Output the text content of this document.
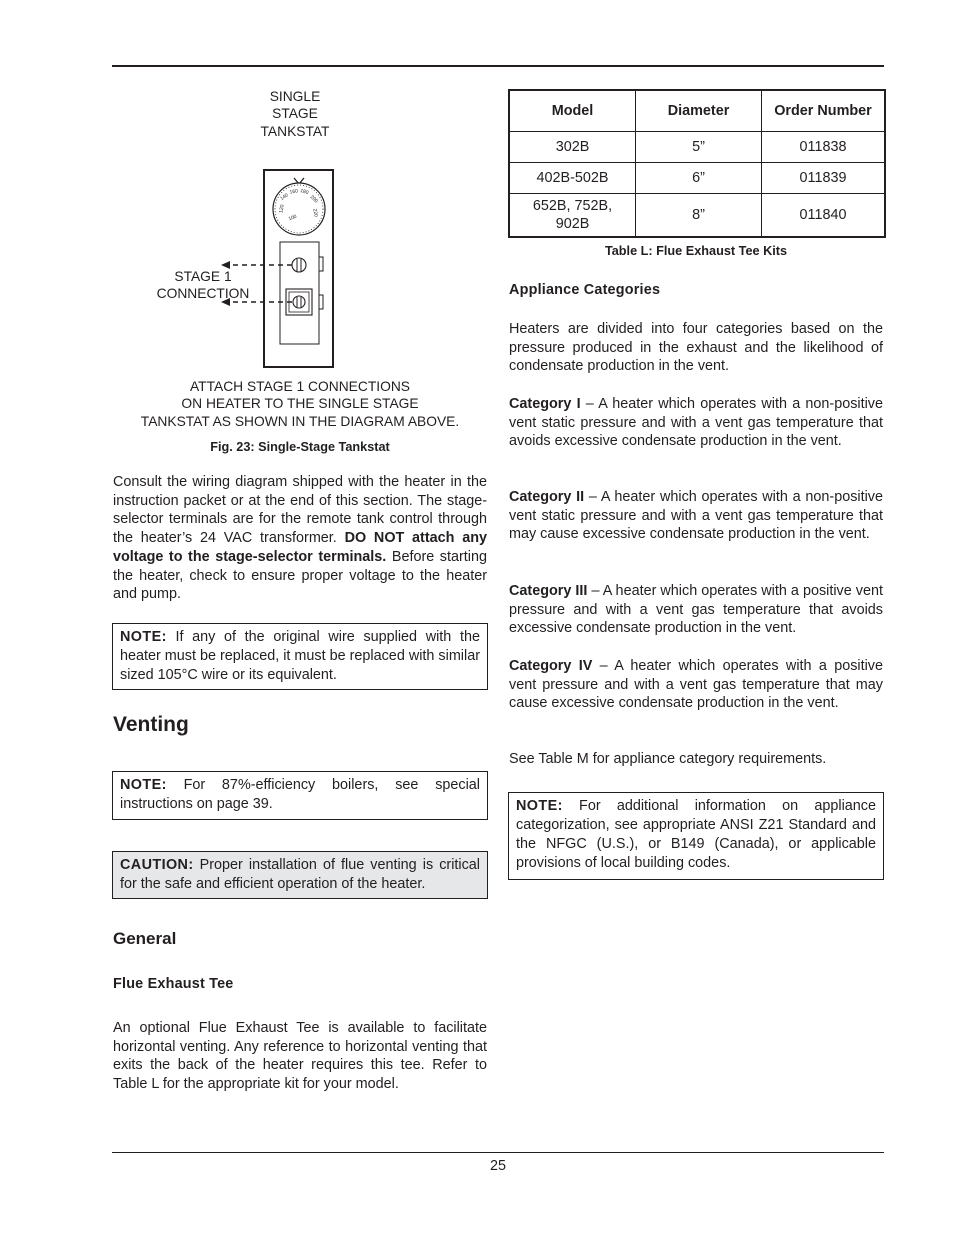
SINGLE
STAGE
TANKSTAT
140
160 180
200
220
120
100
STAGE 1
CONNECTION
ATTACH STAGE 1 CONNECTIONS
ON HEATER TO THE SINGLE STAGE
TANKSTAT AS SHOWN IN THE DIAGRAM ABOVE.
Fig. 23: Single-Stage Tankstat

Consult the wiring diagram shipped with the heater in the instruction packet or at the end of this section. The stage-selector terminals are for the remote tank control through the heater’s 24 VAC transformer. DO NOT attach any voltage to the stage-selector terminals. Before starting the heater, check to ensure proper voltage to the heater and pump.

NOTE: If any of the original wire supplied with the heater must be replaced, it must be replaced with similar sized 105°C wire or its equivalent.
Venting
NOTE: For 87%-efficiency boilers, see special instructions on page 39.
CAUTION: Proper installation of flue venting is critical for the safe and efficient operation of the heater.
General
Flue Exhaust Tee

An optional Flue Exhaust Tee is available to facilitate horizontal venting. Any reference to horizontal venting that exits the back of the heater requires this tee. Refer to Table L for the appropriate kit for your model.

Model	Diameter	Order Number
302B	5”	011838
402B-502B	6”	011839
652B, 752B, 902B	8”	011840
Table L: Flue Exhaust Tee Kits
Appliance Categories

Heaters are divided into four categories based on the pressure produced in the exhaust and the likelihood of condensate production in the vent.

Category I – A heater which operates with a non-positive vent static pressure and with a vent gas temperature that avoids excessive condensate production in the vent.

Category II – A heater which operates with a non-positive vent static pressure and with a vent gas temperature that may cause excessive condensate production in the vent.

Category III – A heater which operates with a positive vent pressure and with a vent gas temperature that avoids excessive condensate production in the vent.

Category IV – A heater which operates with a positive vent pressure and with a vent gas temperature that may cause excessive condensate production in the vent.

See Table M for appliance category requirements.

NOTE: For additional information on appliance categorization, see appropriate ANSI Z21 Standard and the NFGC (U.S.), or B149 (Canada), or applicable provisions of local building codes.
25
